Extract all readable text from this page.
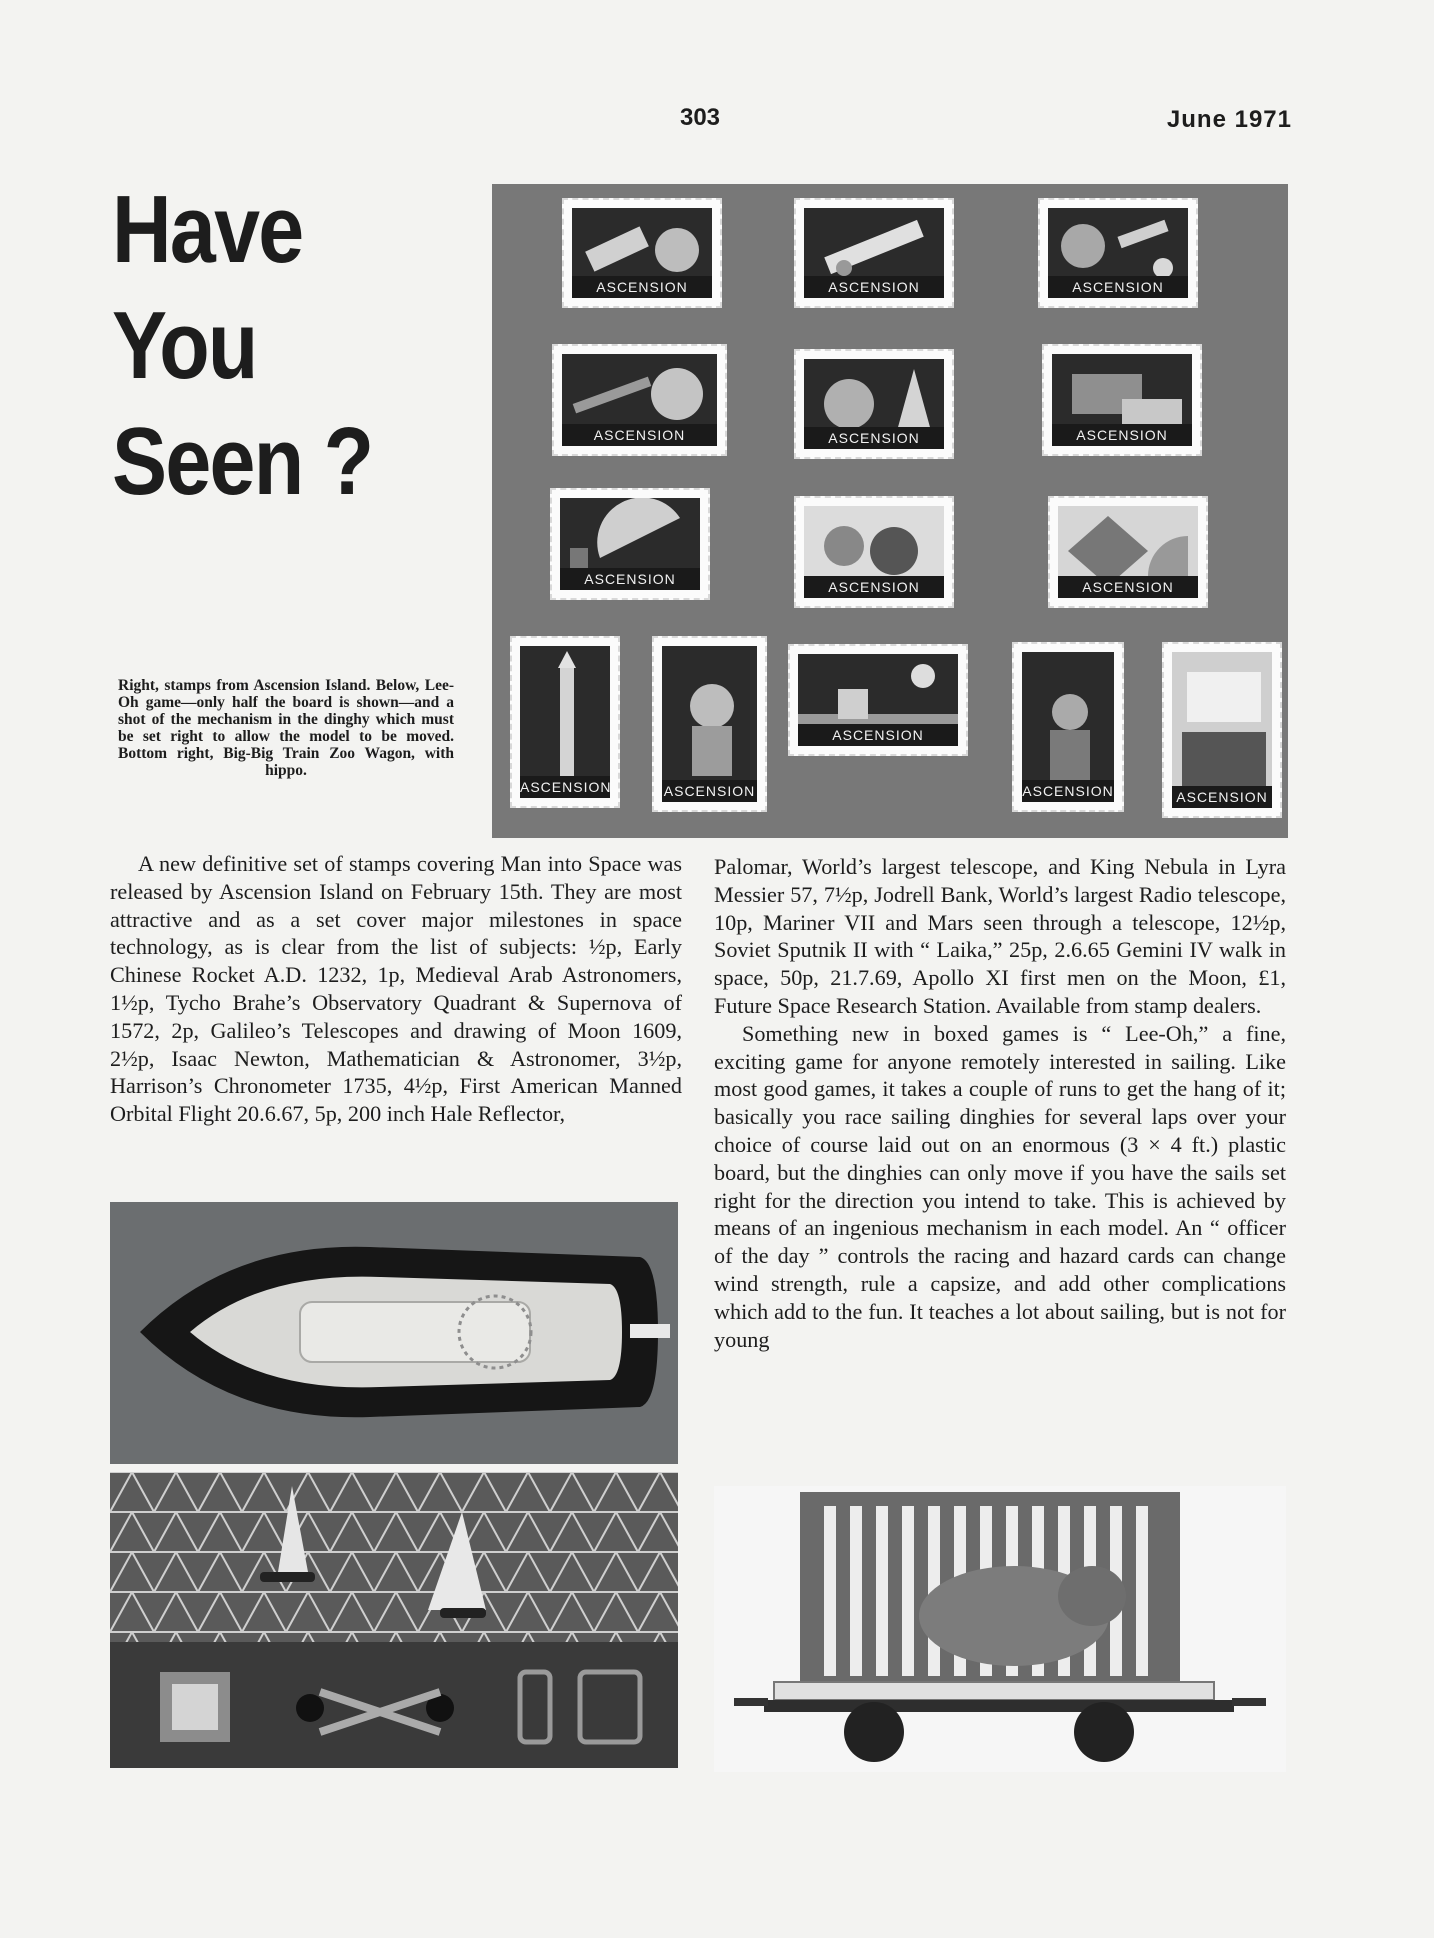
303	June 1971
Have
You
Seen ?
Right, stamps from Ascension Island. Below, Lee-Oh game—only half the board is shown—and a shot of the mechanism in the dinghy which must be set right to allow the model to be moved. Bottom right, Big-Big Train Zoo Wagon, with hippo.
ASCENSION	ASCENSION	ASCENSION
ASCENSION	ASCENSION	ASCENSION
ASCENSION	ASCENSION	ASCENSION
ASCENSION	ASCENSION
ASCENSION
ASCENSION	ASCENSION
A new definitive set of stamps covering Man into Space was released by Ascension Island on February 15th. They are most attractive and as a set cover major milestones in space technology, as is clear from the list of subjects: ½p, Early Chinese Rocket A.D. 1232, 1p, Medieval Arab Astronomers, 1½p, Tycho Brahe’s Observatory Quadrant & Supernova of 1572, 2p, Galileo’s Telescopes and drawing of Moon 1609, 2½p, Isaac Newton, Mathematician & Astronomer, 3½p, Harrison’s Chronometer 1735, 4½p, First American Manned Orbital Flight 20.6.67, 5p, 200 inch Hale Reflector,

Palomar, World’s largest telescope, and King Nebula in Lyra Messier 57, 7½p, Jodrell Bank, World’s largest Radio telescope, 10p, Mariner VII and Mars seen through a telescope, 12½p, Soviet Sputnik II with “ Laika,” 25p, 2.6.65 Gemini IV walk in space, 50p, 21.7.69, Apollo XI first men on the Moon, £1, Future Space Research Station. Available from stamp dealers.

Something new in boxed games is “ Lee-Oh,” a fine, exciting game for anyone remotely interested in sailing. Like most good games, it takes a couple of runs to get the hang of it; basically you race sailing dinghies for several laps over your choice of course laid out on an enormous (3 × 4 ft.) plastic board, but the dinghies can only move if you have the sails set right for the direction you intend to take. This is achieved by means of an ingenious mechanism in each model. An “ officer of the day ” controls the racing and hazard cards can change wind strength, rule a capsize, and add other complications which add to the fun. It teaches a lot about sailing, but is not for young
